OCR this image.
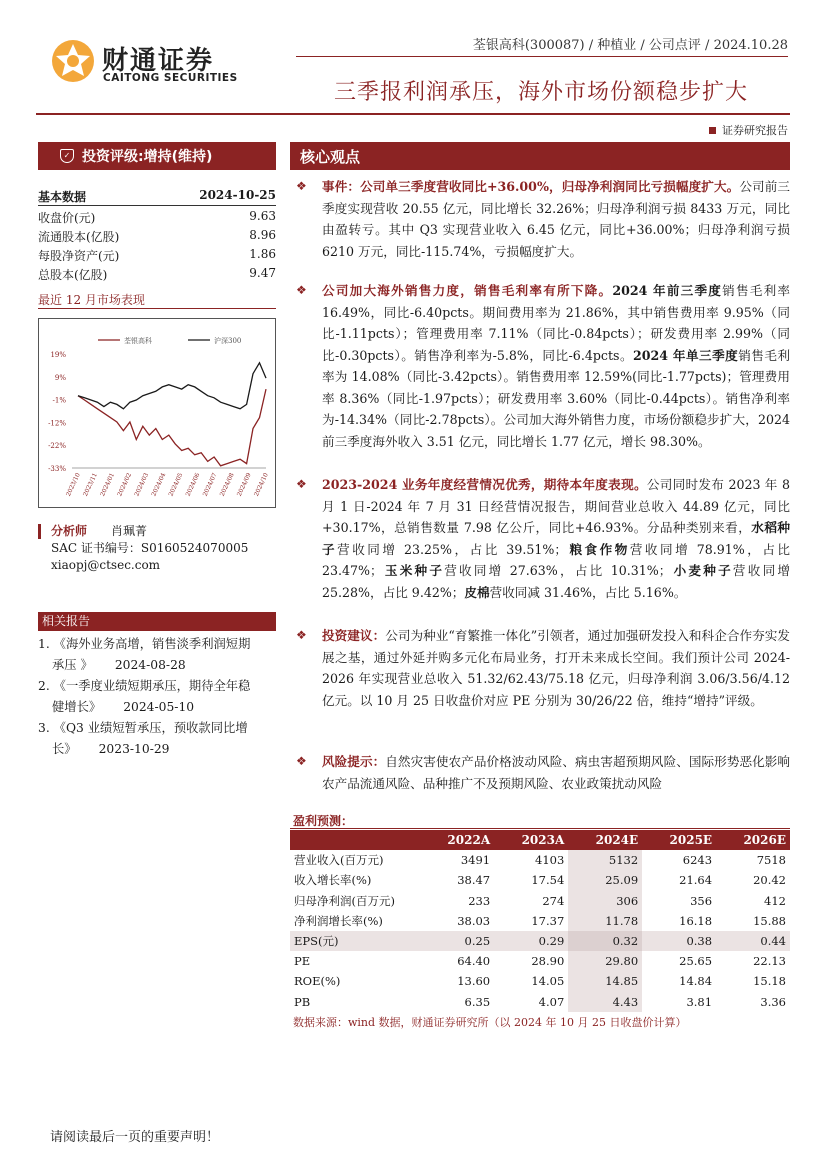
财通证券
CAITONG SECURITIES
荃银高科(300087) / 种植业 / 公司点评 / 2024.10.28
三季报利润承压，海外市场份额稳步扩大
证券研究报告
✓ 投资评级:增持(维持)
基本数据	2024-10-25
收盘价(元)	9.63
流通股本(亿股)	8.96
每股净资产(元)	1.86
总股本(亿股)	9.47
最近 12 月市场表现
19%
9%
-1%
-12%
-22%
-33%
2023/10 2023/11 2024/01 2024/02 2024/03 2024/04 2024/05 2024/06 2024/07 2024/08 2024/09 2024/10
荃银高科	沪深300
分析师	肖珮菁
SAC 证书编号：S0160524070005
xiaopj@ctsec.com
相关报告
1. 《海外业务高增，销售淡季利润短期
承压 》 2024-08-28
2. 《一季度业绩短期承压，期待全年稳
健增长》 2024-05-10
3. 《Q3 业绩短暂承压，预收款同比增
长》 2023-10-29
核心观点
❖ 事件：公司单三季度营收同比+36.00%，归母净利润同比亏损幅度扩大。公司前三季度实现营收 20.55 亿元，同比增长 32.26%；归母净利润亏损 8433 万元，同比由盈转亏。其中 Q3 实现营业收入 6.45 亿元，同比+36.00%；归母净利润亏损 6210 万元，同比-115.74%，亏损幅度扩大。
❖ 公司加大海外销售力度，销售毛利率有所下降。2024 年前三季度销售毛利率 16.49%，同比-6.40pcts。期间费用率为 21.86%，其中销售费用率 9.95%（同比-1.11pcts）；管理费用率 7.11%（同比-0.84pcts）；研发费用率 2.99%（同比-0.30pcts）。销售净利率为-5.8%，同比-6.4pcts。2024 年单三季度销售毛利率为 14.08%（同比-3.42pcts）。销售费用率 12.59%(同比-1.77pcts)；管理费用率 8.36%（同比-1.97pcts）；研发费用率 3.60%（同比-0.44pcts）。销售净利率为-14.34%（同比-2.78pcts）。公司加大海外销售力度，市场份额稳步扩大，2024 前三季度海外收入 3.51 亿元，同比增长 1.77 亿元，增长 98.30%。
❖ 2023-2024 业务年度经营情况优秀，期待本年度表现。公司同时发布 2023 年 8 月 1 日-2024 年 7 月 31 日经营情况报告，期间营业总收入 44.89 亿元，同比+30.17%，总销售数量 7.98 亿公斤，同比+46.93%。分品种类别来看，水稻种子营收同增 23.25%，占比 39.51%；粮食作物营收同增 78.91%，占比 23.47%；玉米种子营收同增 27.63%，占比 10.31%；小麦种子营收同增 25.28%，占比 9.42%；皮棉营收同减 31.46%，占比 5.16%。
❖ 投资建议：公司为种业“育繁推一体化”引领者，通过加强研发投入和科企合作夯实发展之基，通过外延并购多元化布局业务，打开未来成长空间。我们预计公司 2024-2026 年实现营业总收入 51.32/62.43/75.18 亿元，归母净利润 3.06/3.56/4.12 亿元。以 10 月 25 日收盘价对应 PE 分别为 30/26/22 倍，维持“增持”评级。
❖ 风险提示：自然灾害使农产品价格波动风险、病虫害超预期风险、国际形势恶化影响农产品流通风险、品种推广不及预期风险、农业政策扰动风险
盈利预测：
	2022A	2023A	2024E	2025E	2026E
营业收入(百万元)	3491	4103	5132	6243	7518
收入增长率(%)	38.47	17.54	25.09	21.64	20.42
归母净利润(百万元)	233	274	306	356	412
净利润增长率(%)	38.03	17.37	11.78	16.18	15.88
EPS(元)	0.25	0.29	0.32	0.38	0.44
PE	64.40	28.90	29.80	25.65	22.13
ROE(%)	13.60	14.05	14.85	14.84	15.18
PB	6.35	4.07	4.43	3.81	3.36
数据来源：wind 数据，财通证券研究所（以 2024 年 10 月 25 日收盘价计算）
请阅读最后一页的重要声明！
